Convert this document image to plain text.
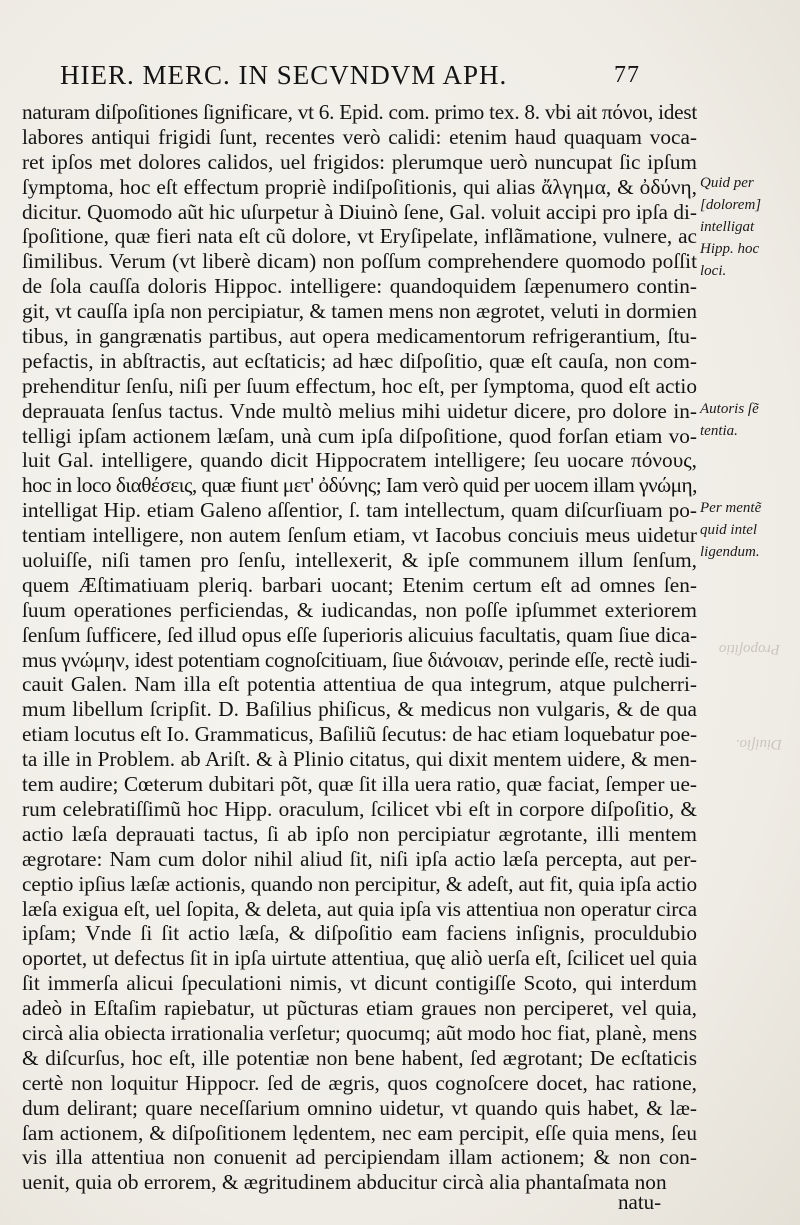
HIER. MERC. IN SECVNDVM APH.	77
naturam diſpoſitiones ſignificare, vt 6. Epid. com. primo tex. 8. vbi ait πόνοι, idest
labores antiqui frigidi ſunt, recentes verò calidi: etenim haud quaquam voca-
ret ipſos met dolores calidos, uel frigidos: plerumque uerò nuncupat ſic ipſum
ſymptoma, hoc eſt effectum propriè indiſpoſitionis, qui alias ἄλγημα, & ὀδύνη,
dicitur. Quomodo aũt hic uſurpetur à Diuinò ſene, Gal. voluit accipi pro ipſa di-
ſpoſitione, quæ fieri nata eſt cũ dolore, vt Eryſipelate, inflãmatione, vulnere, ac
ſimilibus. Verum (vt liberè dicam) non poſſum comprehendere quomodo poſſit
de ſola cauſſa doloris Hippoc. intelligere: quandoquidem ſæpenumero contin-
git, vt cauſſa ipſa non percipiatur, & tamen mens non ægrotet, veluti in dormien
tibus, in gangrænatis partibus, aut opera medicamentorum refrigerantium, ſtu-
pefactis, in abſtractis, aut ecſtaticis; ad hæc diſpoſitio, quæ eſt cauſa, non com-
prehenditur ſenſu, niſi per ſuum effectum, hoc eſt, per ſymptoma, quod eſt actio
deprauata ſenſus tactus. Vnde multò melius mihi uidetur dicere, pro dolore in-
telligi ipſam actionem læſam, unà cum ipſa diſpoſitione, quod forſan etiam vo-
luit Gal. intelligere, quando dicit Hippocratem intelligere; ſeu uocare πόνους,
hoc in loco διαθέσεις, quæ fiunt μετ' ὀδύνης; Iam verò quid per uocem illam γνώμη,
intelligat Hip. etiam Galeno aſſentior, ſ. tam intellectum, quam diſcurſiuam po-
tentiam intelligere, non autem ſenſum etiam, vt Iacobus conciuis meus uidetur
uoluiſſe, niſi tamen pro ſenſu, intellexerit, & ipſe communem illum ſenſum,
quem Æſtimatiuam pleriq. barbari uocant; Etenim certum eſt ad omnes ſen-
ſuum operationes perficiendas, & iudicandas, non poſſe ipſummet exteriorem
ſenſum ſufficere, ſed illud opus eſſe ſuperioris alicuius facultatis, quam ſiue dica-
mus γνώμην, idest potentiam cognoſcitiuam, ſiue διάνοιαν, perinde eſſe, rectè iudi-
cauit Galen. Nam illa eſt potentia attentiua de qua integrum, atque pulcherri-
mum libellum ſcripſit. D. Baſilius phiſicus, & medicus non vulgaris, & de qua
etiam locutus eſt Io. Grammaticus, Baſiliũ ſecutus: de hac etiam loquebatur poe-
ta ille in Problem. ab Ariſt. & à Plinio citatus, qui dixit mentem uidere, & men-
tem audire; Cœterum dubitari põt, quæ ſit illa uera ratio, quæ faciat, ſemper ue-
rum celebratiſſimũ hoc Hipp. oraculum, ſcilicet vbi eſt in corpore diſpoſitio, &
actio læſa deprauati tactus, ſi ab ipſo non percipiatur ægrotante, illi mentem
ægrotare: Nam cum dolor nihil aliud ſit, niſi ipſa actio læſa percepta, aut per-
ceptio ipſius læſæ actionis, quando non percipitur, & adeſt, aut fit, quia ipſa actio
læſa exigua eſt, uel ſopita, & deleta, aut quia ipſa vis attentiua non operatur circa
ipſam; Vnde ſi ſit actio læſa, & diſpoſitio eam faciens inſignis, proculdubio
oportet, ut defectus ſit in ipſa uirtute attentiua, quę aliò uerſa eſt, ſcilicet uel quia
ſit immerſa alicui ſpeculationi nimis, vt dicunt contigiſſe Scoto, qui interdum
adeò in Eſtaſim rapiebatur, ut pũcturas etiam graues non perciperet, vel quia,
circà alia obiecta irrationalia verſetur; quocumq; aũt modo hoc fiat, planè, mens
& diſcurſus, hoc eſt, ille potentiæ non bene habent, ſed ægrotant; De ecſtaticis
certè non loquitur Hippocr. ſed de ægris, quos cognoſcere docet, hac ratione,
dum delirant; quare neceſſarium omnino uidetur, vt quando quis habet, & læ-
ſam actionem, & diſpoſitionem lędentem, nec eam percipit, eſſe quia mens, ſeu
vis illa attentiua non conuenit ad percipiendam illam actionem; & non con-
uenit, quia ob errorem, & ægritudinem abducitur circà alia phantaſmata non
Quid per
[dolorem]
intelligat
Hipp. hoc
loci.
Autoris ſẽ
tentia.
Per mentẽ
quid intel
ligendum.
Propoſitio
Diuiſio.
natu-
